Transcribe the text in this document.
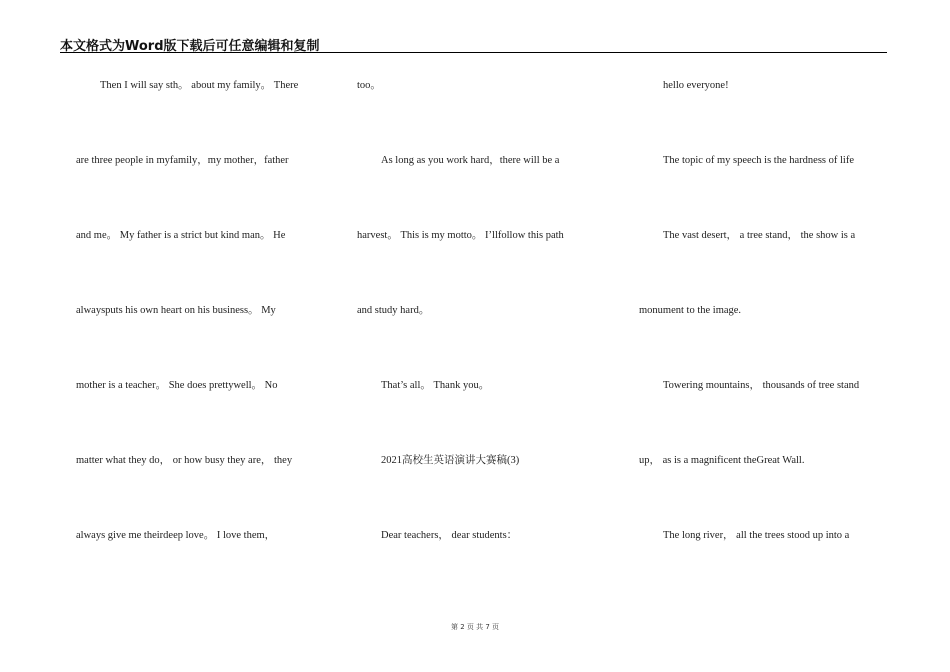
本文格式为Word版下载后可任意编辑和复制
Then I will say sth。 about my family。 There
are three people in myfamily，my mother，father
and me。 My father is a strict but kind man。 He
alwaysputs his own heart on his business。 My
mother is a teacher。 She does prettywell。 No
matter what they do， or how busy they are， they
always give me theirdeep love。 I love them，
too。
As long as you work hard，there will be a
harvest。 This is my motto。 I’llfollow this path
and study hard。
That’s all。 Thank you。
2021高校生英语演讲大赛稿(3)
Dear teachers， dear students：
hello everyone!
The topic of my speech is the hardness of life
The vast desert， a tree stand， the show is a
monument to the image.
Towering mountains， thousands of tree stand
up， as is a magnificent theGreat Wall.
The long river， all the trees stood up into a
第 2 页 共 7 页
